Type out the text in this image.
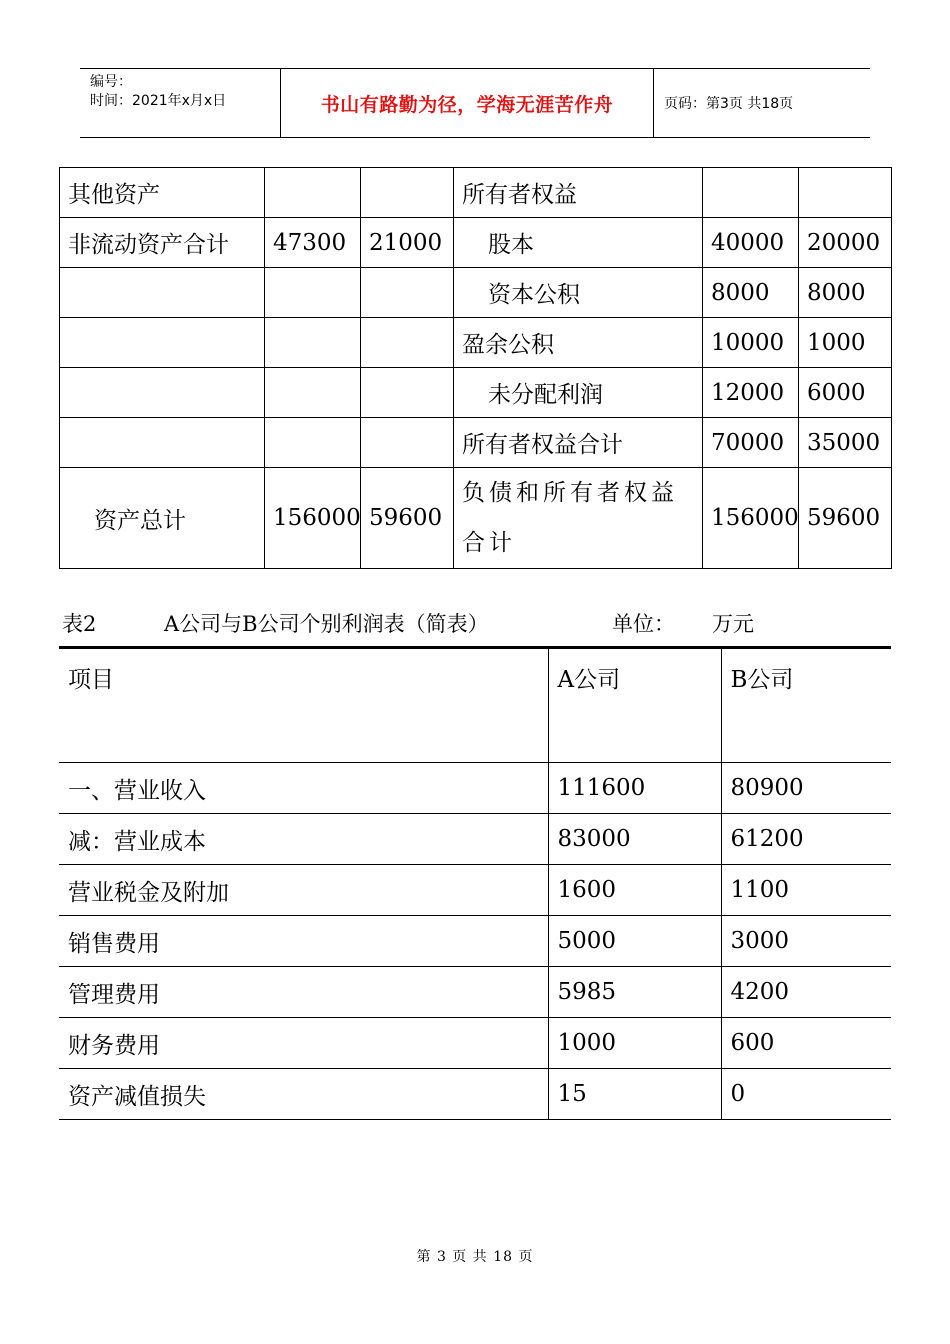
编号：
时间：2021年x月x日	书山有路勤为径，学海无涯苦作舟	页码：第3页 共18页
其他资产			所有者权益		
非流动资产合计	47300	21000	股本	40000	20000
			资本公积	8000	8000
			盈余公积	10000	1000
			未分配利润	12000	6000
			所有者权益合计	70000	35000
资产总计	156000	59600	负债和所有者权益合计	156000	59600
表2	A公司与B公司个别利润表（简表）	单位： 万元
项目	A公司	B公司
一、营业收入	111600	80900
减：营业成本	83000	61200
营业税金及附加	1600	1100
销售费用	5000	3000
管理费用	5985	4200
财务费用	1000	600
资产减值损失	15	0
第 3 页 共 18 页
